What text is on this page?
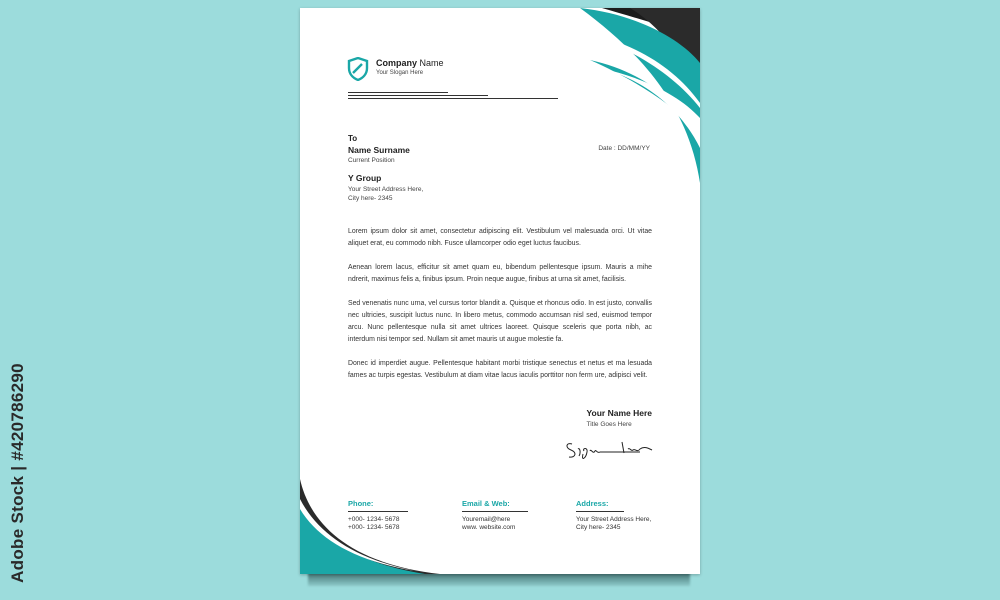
Adobe Stock | #420786290
Company Name
Your Slogan Here
To
Name Surname
Current Position
Y Group
Your Street Address Here,
City here- 2345
Date : DD/MM/YY

Lorem ipsum dolor sit amet, consectetur adipiscing elit. Vestibulum vel malesuada orci. Ut vitae aliquet erat, eu commodo nibh. Fusce ullamcorper odio eget luctus faucibus.

Aenean lorem lacus, efficitur sit amet quam eu, bibendum pellentesque ipsum. Mauris a mihe ndrerit, maximus felis a, finibus ipsum. Proin neque augue, finibus at urna sit amet, facilisis.

Sed venenatis nunc urna, vel cursus tortor blandit a. Quisque et rhoncus odio. In est justo, convallis nec ultricies, suscipit luctus nunc. In libero metus, commodo accumsan nisl sed, euismod tempor arcu. Nunc pellentesque nulla sit amet ultrices laoreet. Quisque sceleris que porta nibh, ac interdum nisi tempor sed. Nullam sit amet mauris ut augue molestie fa.

Donec id imperdiet augue. Pellentesque habitant morbi tristique senectus et netus et ma lesuada fames ac turpis egestas. Vestibulum at diam vitae lacus iaculis porttitor non ferm ure, adipisci velit.

Your Name Here
Title Goes Here
Phone:
+000- 1234- 5678
+000- 1234- 5678
Email & Web:
Youremail@here
www. website.com
Address:
Your Street Address Here,
City here- 2345
